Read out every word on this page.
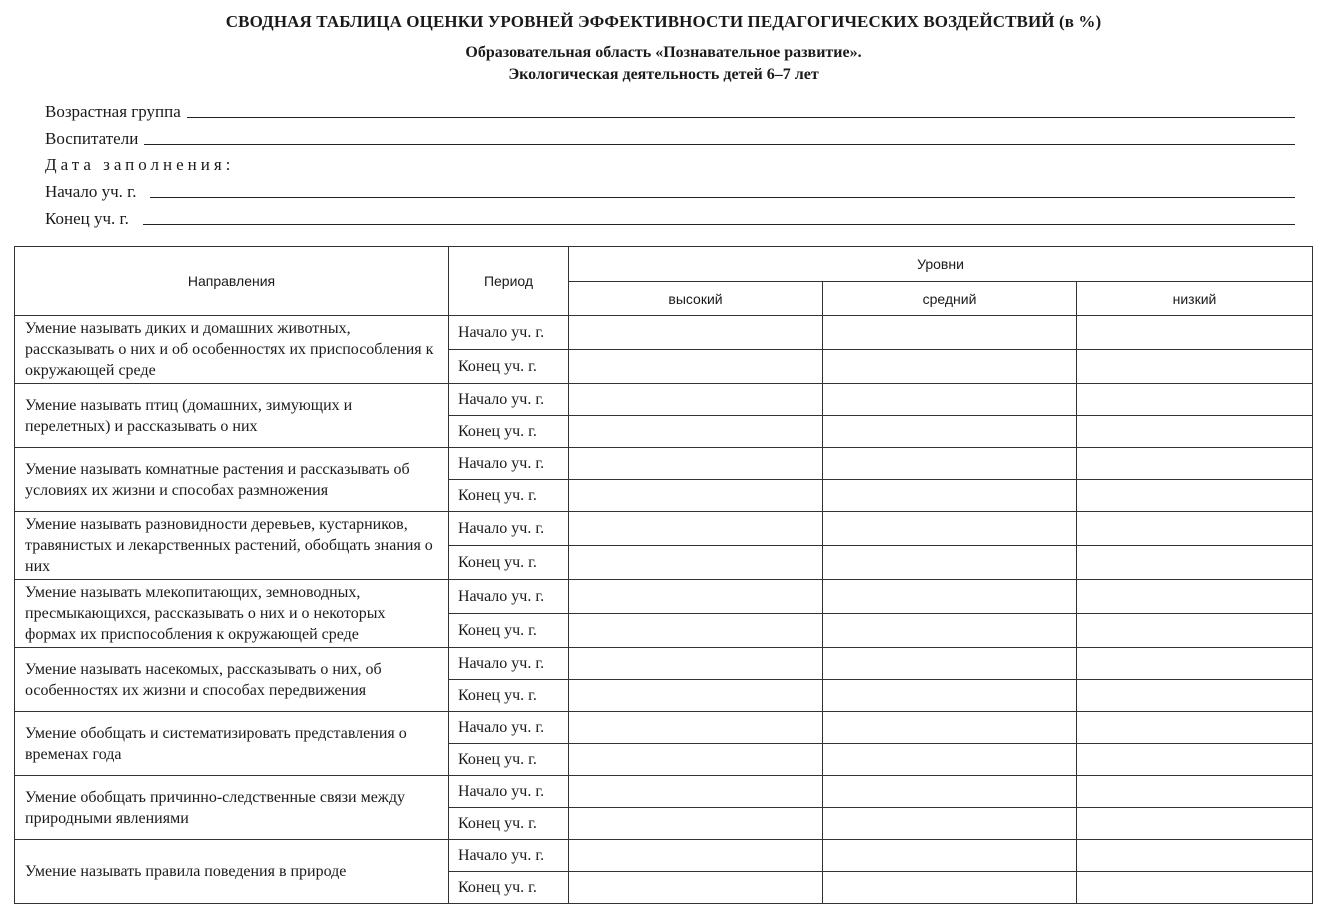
СВОДНАЯ ТАБЛИЦА ОЦЕНКИ УРОВНЕЙ ЭФФЕКТИВНОСТИ ПЕДАГОГИЧЕСКИХ ВОЗДЕЙСТВИЙ (в %)
Образовательная область «Познавательное развитие».
Экологическая деятельность детей 6–7 лет
Возрастная группа
Воспитатели
Дата заполнения:
Начало уч. г.
Конец уч. г.
Направления	Период	Уровни		
		высокий	средний	низкий
Умение называть диких и домашних животных, рассказывать о них и об особенностях их приспособления к окружающей среде	Начало уч. г.			
	Конец уч. г.			
Умение называть птиц (домашних, зимующих и перелетных) и рассказывать о них	Начало уч. г.			
	Конец уч. г.			
Умение называть комнатные растения и рассказывать об условиях их жизни и способах размножения	Начало уч. г.			
	Конец уч. г.			
Умение называть разновидности деревьев, кустарников, травянистых и лекарственных растений, обобщать знания о них	Начало уч. г.			
	Конец уч. г.			
Умение называть млекопитающих, земноводных, пресмыкающихся, рассказывать о них и о некоторых формах их приспособления к окружающей среде	Начало уч. г.			
	Конец уч. г.			
Умение называть насекомых, рассказывать о них, об особенностях их жизни и способах передвижения	Начало уч. г.			
	Конец уч. г.			
Умение обобщать и систематизировать представления о временах года	Начало уч. г.			
	Конец уч. г.			
Умение обобщать причинно-следственные связи между природными явлениями	Начало уч. г.			
	Конец уч. г.			
Умение называть правила поведения в природе	Начало уч. г.			
	Конец уч. г.			
